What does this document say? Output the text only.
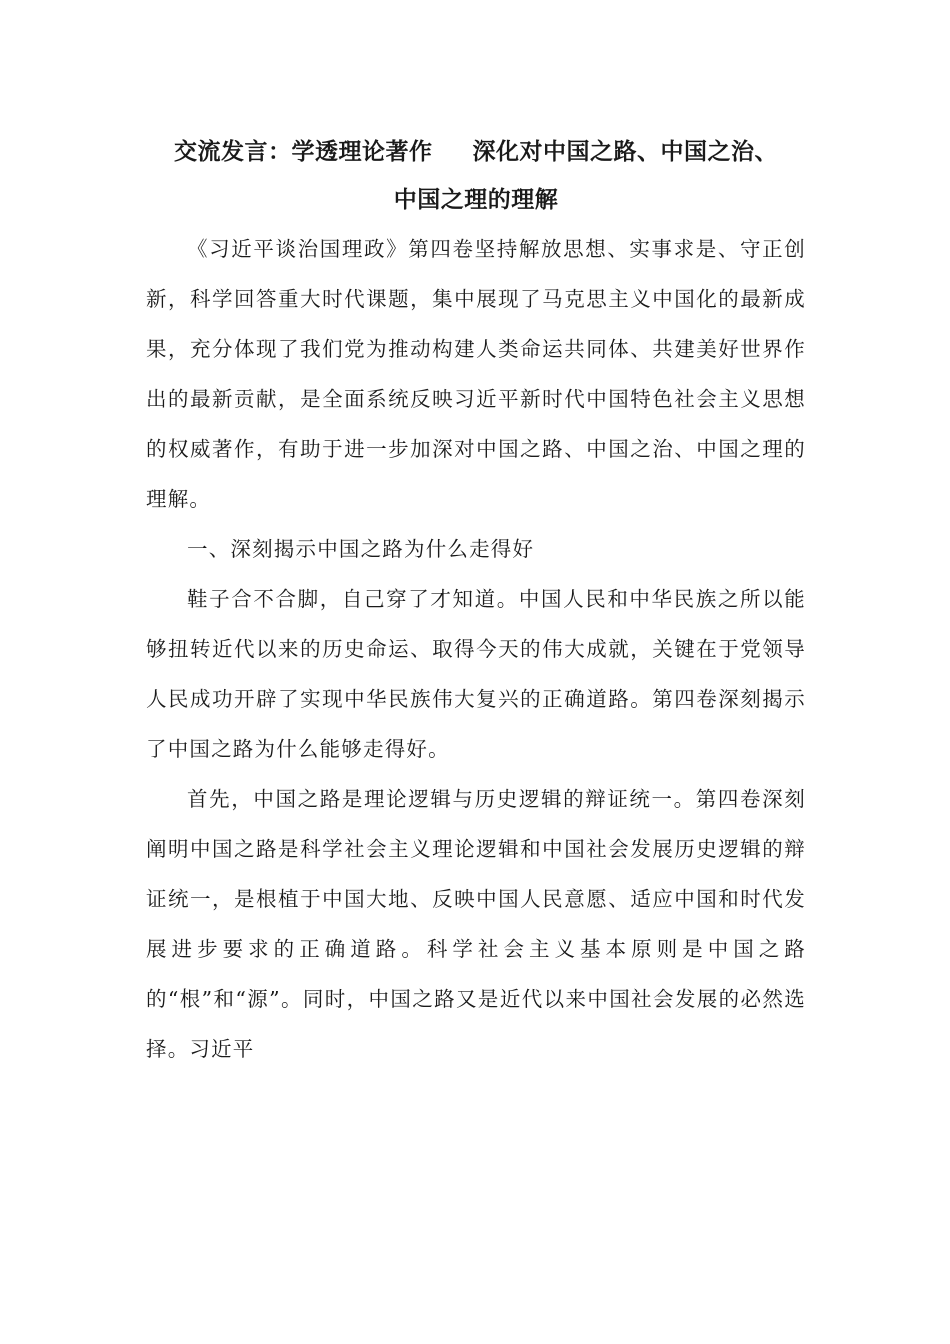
交流发言：学透理论著作 深化对中国之路、中国之治、
中国之理的理解

《习近平谈治国理政》第四卷坚持解放思想、实事求是、守正创新，科学回答重大时代课题，集中展现了马克思主义中国化的最新成果，充分体现了我们党为推动构建人类命运共同体、共建美好世界作出的最新贡献，是全面系统反映习近平新时代中国特色社会主义思想的权威著作，有助于进一步加深对中国之路、中国之治、中国之理的理解。

一、深刻揭示中国之路为什么走得好

鞋子合不合脚，自己穿了才知道。中国人民和中华民族之所以能够扭转近代以来的历史命运、取得今天的伟大成就，关键在于党领导人民成功开辟了实现中华民族伟大复兴的正确道路。第四卷深刻揭示了中国之路为什么能够走得好。

首先，中国之路是理论逻辑与历史逻辑的辩证统一。第四卷深刻阐明中国之路是科学社会主义理论逻辑和中国社会发展历史逻辑的辩证统一，是根植于中国大地、反映中国人民意愿、适应中国和时代发展进步要求的正确道路。科学社会主义基本原则是中国之路的“根”和“源”。同时，中国之路又是近代以来中国社会发展的必然选择。习近平
